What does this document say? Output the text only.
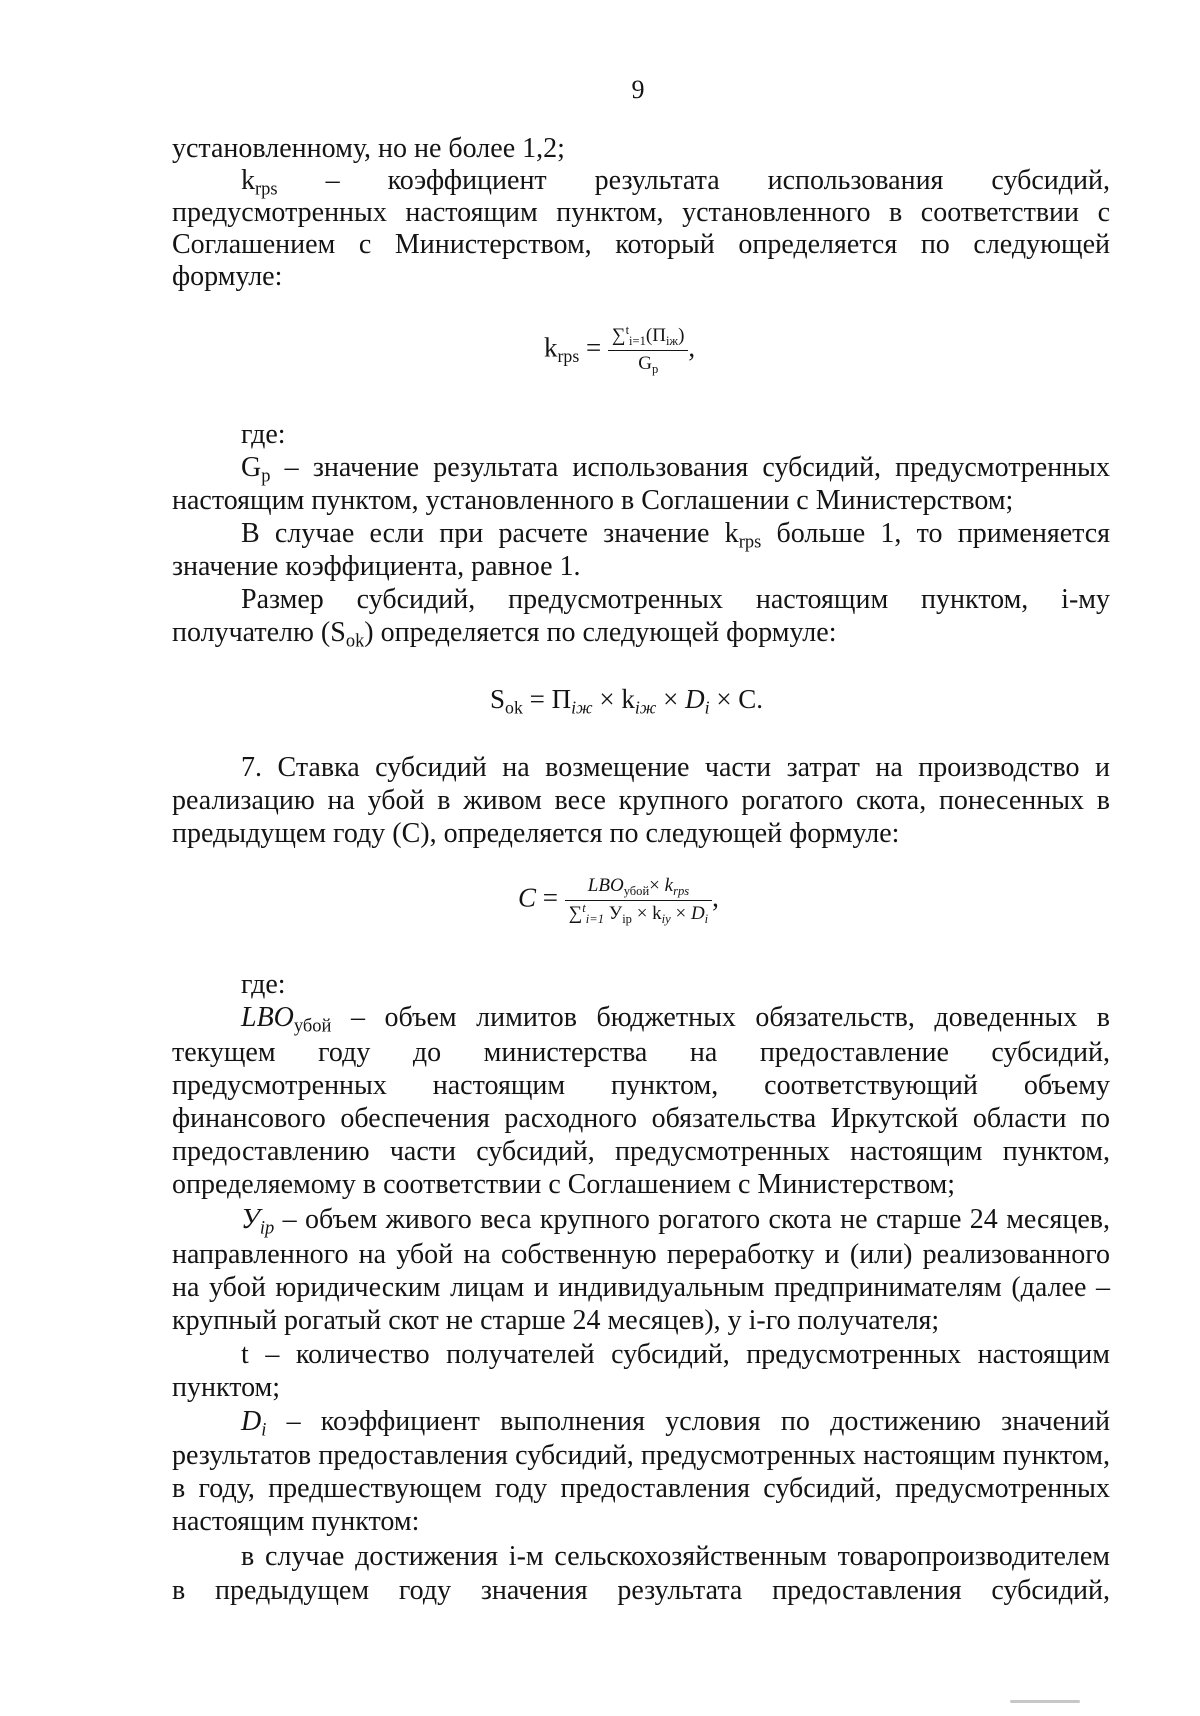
9
установленному, но не более 1,2;
$k_{rps}$ – коэффициент результата использования субсидий,
предусмотренных настоящим пунктом, установленного в соответствии с
Соглашением с Министерством, который определяется по следующей
формуле:
$k_{rps} = \frac{\sum^t_{i=1}(П_{iж})}{G_p}$ ,
где:
$G_p$ – значение результата использования субсидий, предусмотренных
настоящим пунктом, установленного в Соглашении с Министерством;
В случае если при расчете значение $k_{rps}$ больше 1, то применяется
значение коэффициента, равное 1.
Размер субсидий, предусмотренных настоящим пунктом, i-му
получателю $(S_{ok})$ определяется по следующей формуле:
$S_{ok} = П_{iж} \times k_{iж} \times D_i \times С$.
7. Ставка субсидий на возмещение части затрат на производство и
реализацию на убой в живом весе крупного рогатого скота, понесенных в
предыдущем году (С), определяется по следующей формуле:
$C = \frac{LBO_{убой}\times k_{rps}}{\sum^t_{i=1} У_{ip} \times k_{iу} \times D_i}$ ,
где:
$LBO_{убой}$ – объем лимитов бюджетных обязательств, доведенных в
текущем году до министерства на предоставление субсидий,
предусмотренных настоящим пунктом, соответствующий объему
финансового обеспечения расходного обязательства Иркутской области по
предоставлению части субсидий, предусмотренных настоящим пунктом,
определяемому в соответствии с Соглашением с Министерством;
$У_{ip}$ – объем живого веса крупного рогатого скота не старше 24 месяцев,
направленного на убой на собственную переработку и (или) реализованного
на убой юридическим лицам и индивидуальным предпринимателям (далее –
крупный рогатый скот не старше 24 месяцев), у i-го получателя;
t – количество получателей субсидий, предусмотренных настоящим
пунктом;
$D_i$ – коэффициент выполнения условия по достижению значений
результатов предоставления субсидий, предусмотренных настоящим пунктом,
в году, предшествующем году предоставления субсидий, предусмотренных
настоящим пунктом:
в случае достижения i-м сельскохозяйственным товаропроизводителем
в предыдущем году значения результата предоставления субсидий,
